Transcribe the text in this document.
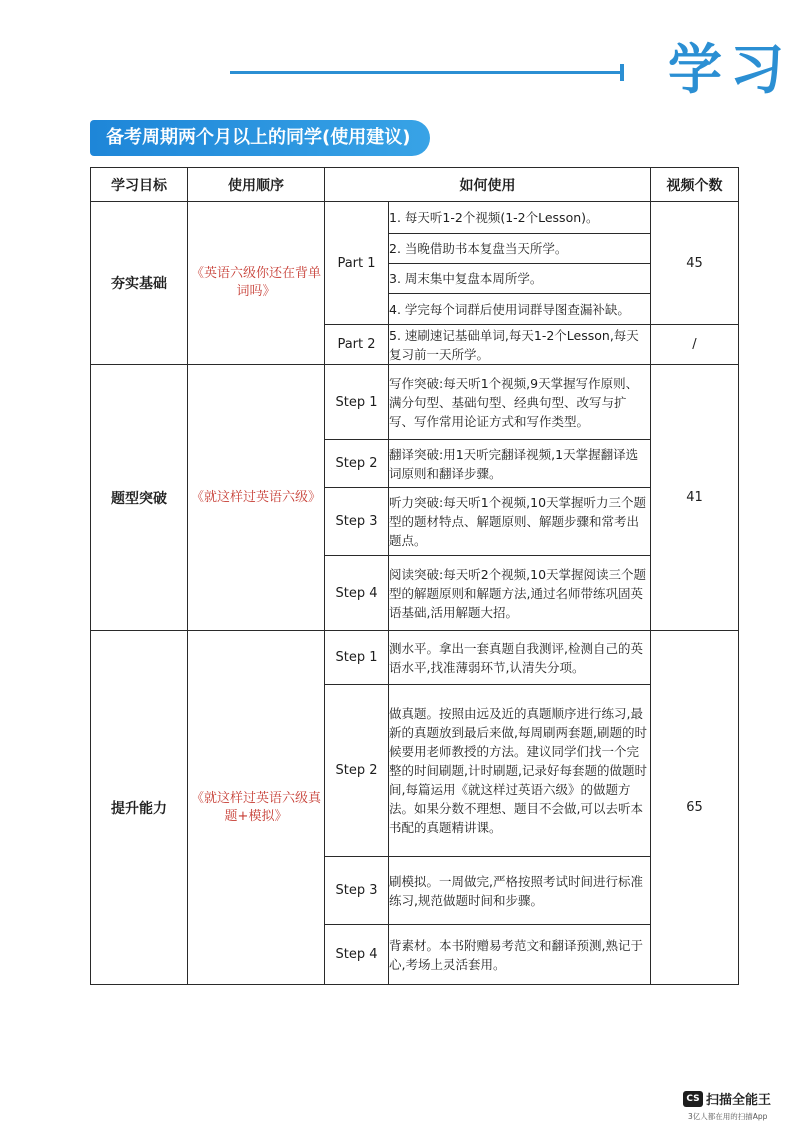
学习
备考周期两个月以上的同学(使用建议)
学习目标	使用顺序	如何使用		视频个数
夯实基础	《英语六级你还在背单词吗》	Part 1	1. 每天听1-2个视频(1-2个Lesson)。	45
			2. 当晚借助书本复盘当天所学。	
			3. 周末集中复盘本周所学。	
			4. 学完每个词群后使用词群导图查漏补缺。	
		Part 2	5. 速刷速记基础单词,每天1-2个Lesson,每天复习前一天所学。	/
题型突破	《就这样过英语六级》	Step 1	写作突破:每天听1个视频,9天掌握写作原则、满分句型、基础句型、经典句型、改写与扩写、写作常用论证方式和写作类型。	41
		Step 2	翻译突破:用1天听完翻译视频,1天掌握翻译选词原则和翻译步骤。	
		Step 3	听力突破:每天听1个视频,10天掌握听力三个题型的题材特点、解题原则、解题步骤和常考出题点。	
		Step 4	阅读突破:每天听2个视频,10天掌握阅读三个题型的解题原则和解题方法,通过名师带练巩固英语基础,活用解题大招。	
提升能力	《就这样过英语六级真题+模拟》	Step 1	测水平。拿出一套真题自我测评,检测自己的英语水平,找准薄弱环节,认清失分项。	65
		Step 2	做真题。按照由远及近的真题顺序进行练习,最新的真题放到最后来做,每周刷两套题,刷题的时候要用老师教授的方法。建议同学们找一个完整的时间刷题,计时刷题,记录好每套题的做题时间,每篇运用《就这样过英语六级》的做题方法。如果分数不理想、题目不会做,可以去听本书配的真题精讲课。	
		Step 3	刷模拟。一周做完,严格按照考试时间进行标准练习,规范做题时间和步骤。	
		Step 4	背素材。本书附赠易考范文和翻译预测,熟记于心,考场上灵活套用。	
CS 扫描全能王
3亿人都在用的扫描App
